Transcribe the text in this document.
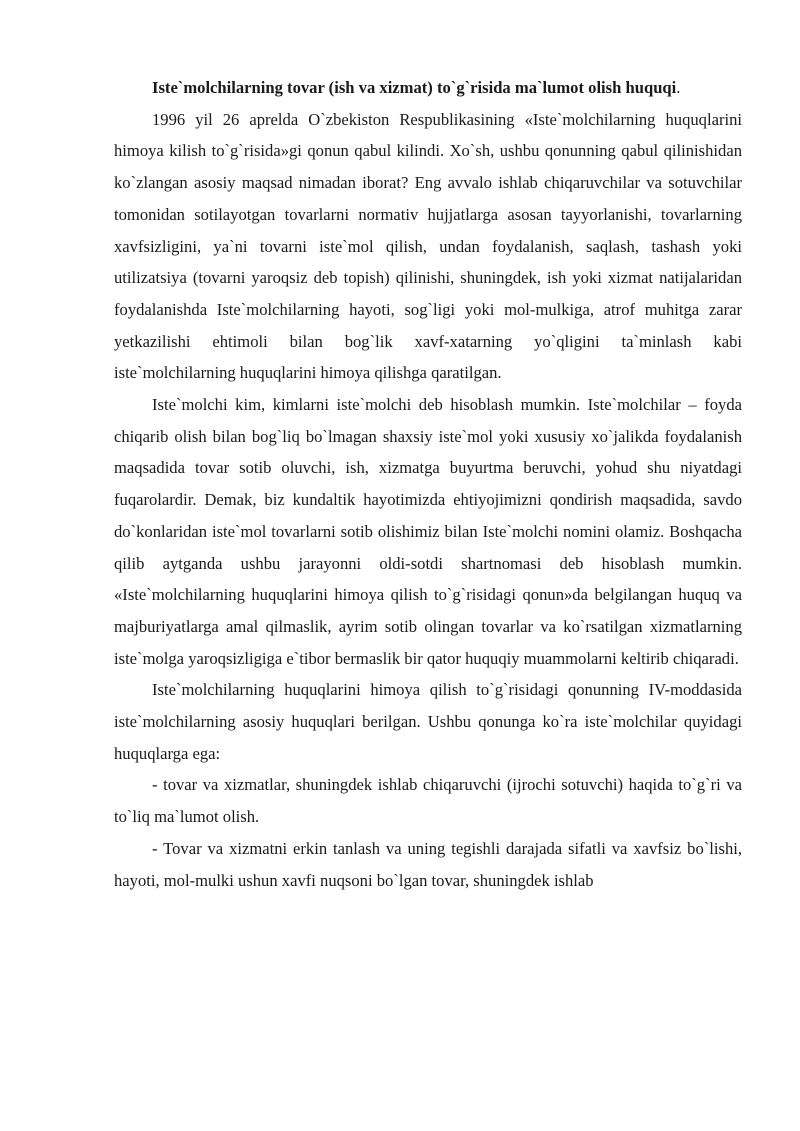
Iste`molchilarning tovar (ish va xizmat) to`g`risida ma`lumot olish huquqi.

1996 yil 26 aprelda O`zbekiston Respublikasining «Iste`molchilarning huquqlarini himoya kilish to`g`risida»gi qonun qabul kilindi. Xo`sh, ushbu qonunning qabul qilinishidan ko`zlangan asosiy maqsad nimadan iborat? Eng avvalo ishlab chiqaruvchilar va sotuvchilar tomonidan sotilayotgan tovarlarni normativ hujjatlarga asosan tayyorlanishi, tovarlarning xavfsizligini, ya`ni tovarni iste`mol qilish, undan foydalanish, saqlash, tashash yoki utilizatsiya (tovarni yaroqsiz deb topish) qilinishi, shuningdek, ish yoki xizmat natijalaridan foydalanishda Iste`molchilarning hayoti, sog`ligi yoki mol-mulkiga, atrof muhitga zarar yetkazilishi ehtimoli bilan bog`lik xavf-xatarning yo`qligini ta`minlash kabi iste`molchilarning huquqlarini himoya qilishga qaratilgan.

Iste`molchi kim, kimlarni iste`molchi deb hisoblash mumkin. Iste`molchilar – foyda chiqarib olish bilan bog`liq bo`lmagan shaxsiy iste`mol yoki xususiy xo`jalikda foydalanish maqsadida tovar sotib oluvchi, ish, xizmatga buyurtma beruvchi, yohud shu niyatdagi fuqarolardir. Demak, biz kundaltik hayotimizda ehtiyojimizni qondirish maqsadida, savdo do`konlaridan iste`mol tovarlarni sotib olishimiz bilan Iste`molchi nomini olamiz. Boshqacha qilib aytganda ushbu jarayonni oldi-sotdi shartnomasi deb hisoblash mumkin. «Iste`molchilarning huquqlarini himoya qilish to`g`risidagi qonun»da belgilangan huquq va majburiyatlarga amal qilmaslik, ayrim sotib olingan tovarlar va ko`rsatilgan xizmatlarning iste`molga yaroqsizligiga e`tibor bermaslik bir qator huquqiy muammolarni keltirib chiqaradi.

Iste`molchilarning huquqlarini himoya qilish to`g`risidagi qonunning IV-moddasida iste`molchilarning asosiy huquqlari berilgan. Ushbu qonunga ko`ra iste`molchilar quyidagi huquqlarga ega:

- tovar va xizmatlar, shuningdek ishlab chiqaruvchi (ijrochi sotuvchi) haqida to`g`ri va to`liq ma`lumot olish.

- Tovar va xizmatni erkin tanlash va uning tegishli darajada sifatli va xavfsiz bo`lishi, hayoti, mol-mulki ushun xavfi nuqsoni bo`lgan tovar, shuningdek ishlab
